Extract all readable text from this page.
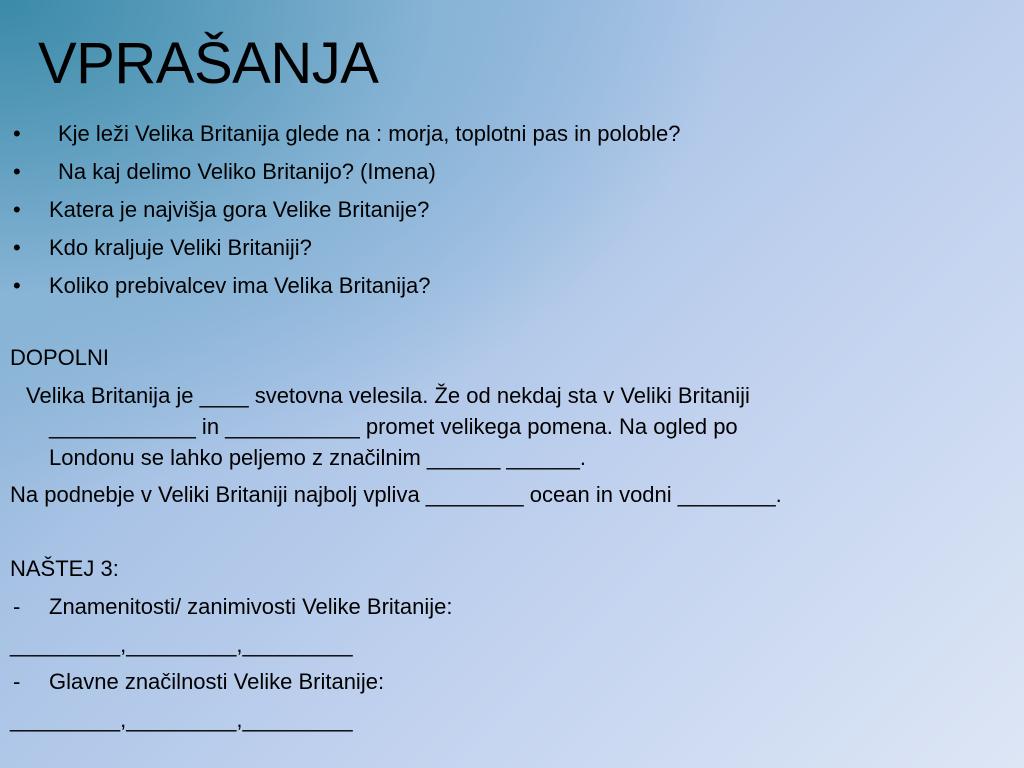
VPRAŠANJA
• Kje leži Velika Britanija glede na : morja, toplotni pas in poloble?
• Na kaj delimo Veliko Britanijo? (Imena)
• Katera je najvišja gora Velike Britanije?
• Kdo kraljuje Veliki Britaniji?
• Koliko prebivalcev ima Velika Britanija?
DOPOLNI
Velika Britanija je ____ svetovna velesila. Že od nekdaj sta v Veliki Britaniji
____________ in ___________ promet velikega pomena. Na ogled po
Londonu se lahko peljemo z značilnim ______ ______.
Na podnebje v Veliki Britaniji najbolj vpliva ________ ocean in vodni ________.
NAŠTEJ 3:
- Znamenitosti/ zanimivosti Velike Britanije:
_________,_________,_________
- Glavne značilnosti Velike Britanije:
_________,_________,_________
